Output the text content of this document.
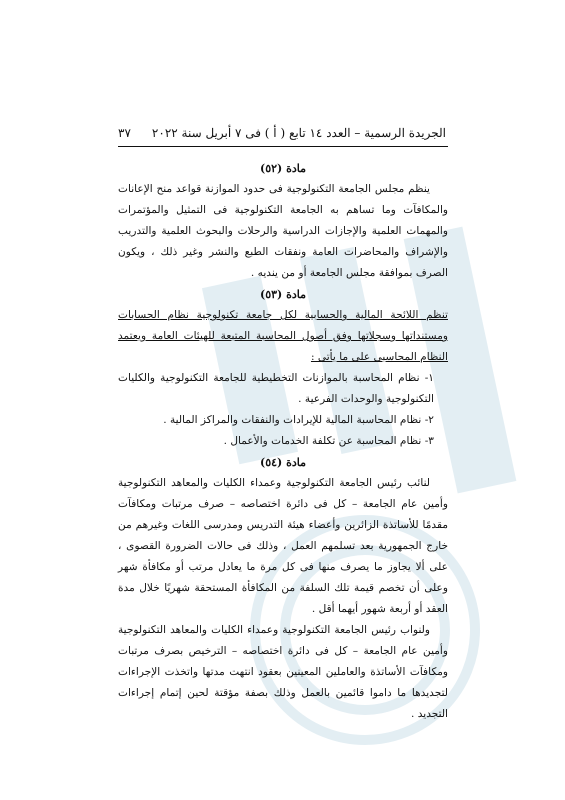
الجريدة الرسمية – العدد ١٤ تابع ( أ ) فى ٧ أبريل سنة ٢٠٢٢
٣٧

مادة (٥٢)

ينظم مجلس الجامعة التكنولوجية فى حدود الموازنة قواعد منح الإعانات والمكافآت وما تساهم به الجامعة التكنولوجية فى التمثيل والمؤتمرات والمهمات العلمية والإجازات الدراسية والرحلات والبحوث العلمية والتدريب والإشراف والمحاضرات العامة ونفقات الطبع والنشر وغير ذلك ، ويكون الصرف بموافقة مجلس الجامعة أو من ينديه .

مادة (٥٣)

تنظم اللائحة المالية والحسابية لكل جامعة تكنولوجية نظام الحسابات ومستنداتها وسجلاتها وفق أصول المحاسبة المتبعة للهيئات العامة ويعتمد النظام المحاسبى على ما يأتى :

١- نظام المحاسبة بالموازنات التخطيطية للجامعة التكنولوجية والكليات التكنولوجية والوحدات الفرعية .

٢- نظام المحاسبة المالية للإيرادات والنفقات والمراكز المالية .

٣- نظام المحاسبة عن تكلفة الخدمات والأعمال .

مادة (٥٤)

لنائب رئيس الجامعة التكنولوجية وعمداء الكليات والمعاهد التكنولوجية وأمين عام الجامعة – كل فى دائرة اختصاصه – صرف مرتبات ومكافآت مقدمًا للأساتذة الزائرين وأعضاء هيئة التدريس ومدرسى اللغات وغيرهم من خارج الجمهورية بعد تسلمهم العمل ، وذلك فى حالات الضرورة القصوى ، على ألا يجاوز ما يصرف منها فى كل مرة ما يعادل مرتب أو مكافأة شهر وعلى أن تخصم قيمة تلك السلفة من المكافأة المستحقة شهريًا خلال مدة العقد أو أربعة شهور أيهما أقل .

ولنواب رئيس الجامعة التكنولوجية وعمداء الكليات والمعاهد التكنولوجية وأمين عام الجامعة – كل فى دائرة اختصاصه – الترخيص بصرف مرتبات ومكافآت الأساتذة والعاملين المعينين بعقود انتهت مدتها واتخذت الإجراءات لتجديدها ما داموا قائمين بالعمل وذلك بصفة مؤقتة لحين إتمام إجراءات التجديد .
